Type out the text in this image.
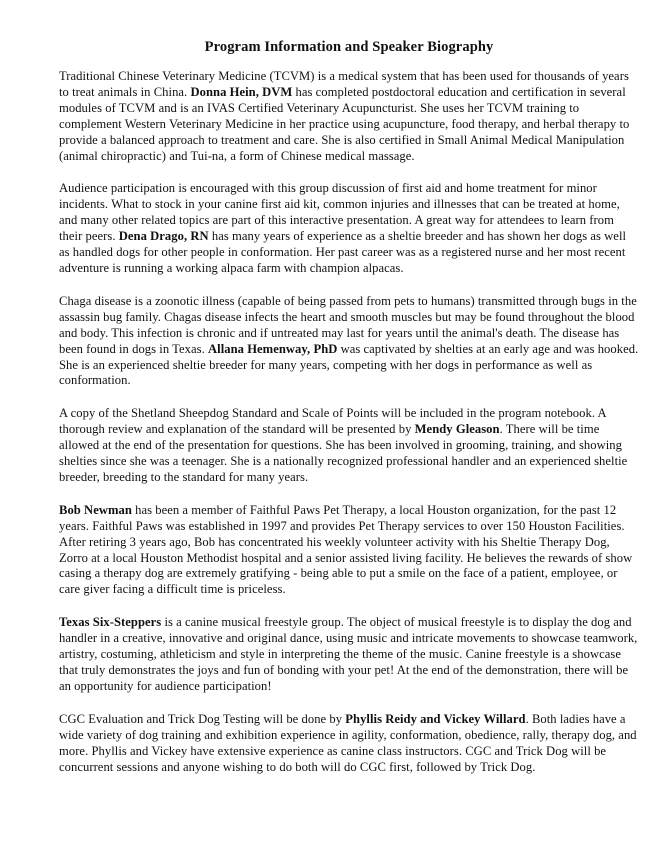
Program Information and Speaker Biography
Traditional Chinese Veterinary Medicine (TCVM) is a medical system that has been used for thousands of years to treat animals in China. Donna Hein, DVM has completed postdoctoral education and certification in several modules of TCVM and is an IVAS Certified Veterinary Acupuncturist. She uses her TCVM training to complement Western Veterinary Medicine in her practice using acupuncture, food therapy, and herbal therapy to provide a balanced approach to treatment and care. She is also certified in Small Animal Medical Manipulation (animal chiropractic) and Tui-na, a form of Chinese medical massage.
Audience participation is encouraged with this group discussion of first aid and home treatment for minor incidents. What to stock in your canine first aid kit, common injuries and illnesses that can be treated at home, and many other related topics are part of this interactive presentation. A great way for attendees to learn from their peers. Dena Drago, RN has many years of experience as a sheltie breeder and has shown her dogs as well as handled dogs for other people in conformation. Her past career was as a registered nurse and her most recent adventure is running a working alpaca farm with champion alpacas.
Chaga disease is a zoonotic illness (capable of being passed from pets to humans) transmitted through bugs in the assassin bug family. Chagas disease infects the heart and smooth muscles but may be found throughout the blood and body. This infection is chronic and if untreated may last for years until the animal's death. The disease has been found in dogs in Texas. Allana Hemenway, PhD was captivated by shelties at an early age and was hooked. She is an experienced sheltie breeder for many years, competing with her dogs in performance as well as conformation.
A copy of the Shetland Sheepdog Standard and Scale of Points will be included in the program notebook. A thorough review and explanation of the standard will be presented by Mendy Gleason. There will be time allowed at the end of the presentation for questions. She has been involved in grooming, training, and showing shelties since she was a teenager. She is a nationally recognized professional handler and an experienced sheltie breeder, breeding to the standard for many years.
Bob Newman has been a member of Faithful Paws Pet Therapy, a local Houston organization, for the past 12 years. Faithful Paws was established in 1997 and provides Pet Therapy services to over 150 Houston Facilities. After retiring 3 years ago, Bob has concentrated his weekly volunteer activity with his Sheltie Therapy Dog, Zorro at a local Houston Methodist hospital and a senior assisted living facility. He believes the rewards of show casing a therapy dog are extremely gratifying - being able to put a smile on the face of a patient, employee, or care giver facing a difficult time is priceless.
Texas Six-Steppers is a canine musical freestyle group. The object of musical freestyle is to display the dog and handler in a creative, innovative and original dance, using music and intricate movements to showcase teamwork, artistry, costuming, athleticism and style in interpreting the theme of the music. Canine freestyle is a showcase that truly demonstrates the joys and fun of bonding with your pet! At the end of the demonstration, there will be an opportunity for audience participation!
CGC Evaluation and Trick Dog Testing will be done by Phyllis Reidy and Vickey Willard. Both ladies have a wide variety of dog training and exhibition experience in agility, conformation, obedience, rally, therapy dog, and more. Phyllis and Vickey have extensive experience as canine class instructors. CGC and Trick Dog will be concurrent sessions and anyone wishing to do both will do CGC first, followed by Trick Dog.
